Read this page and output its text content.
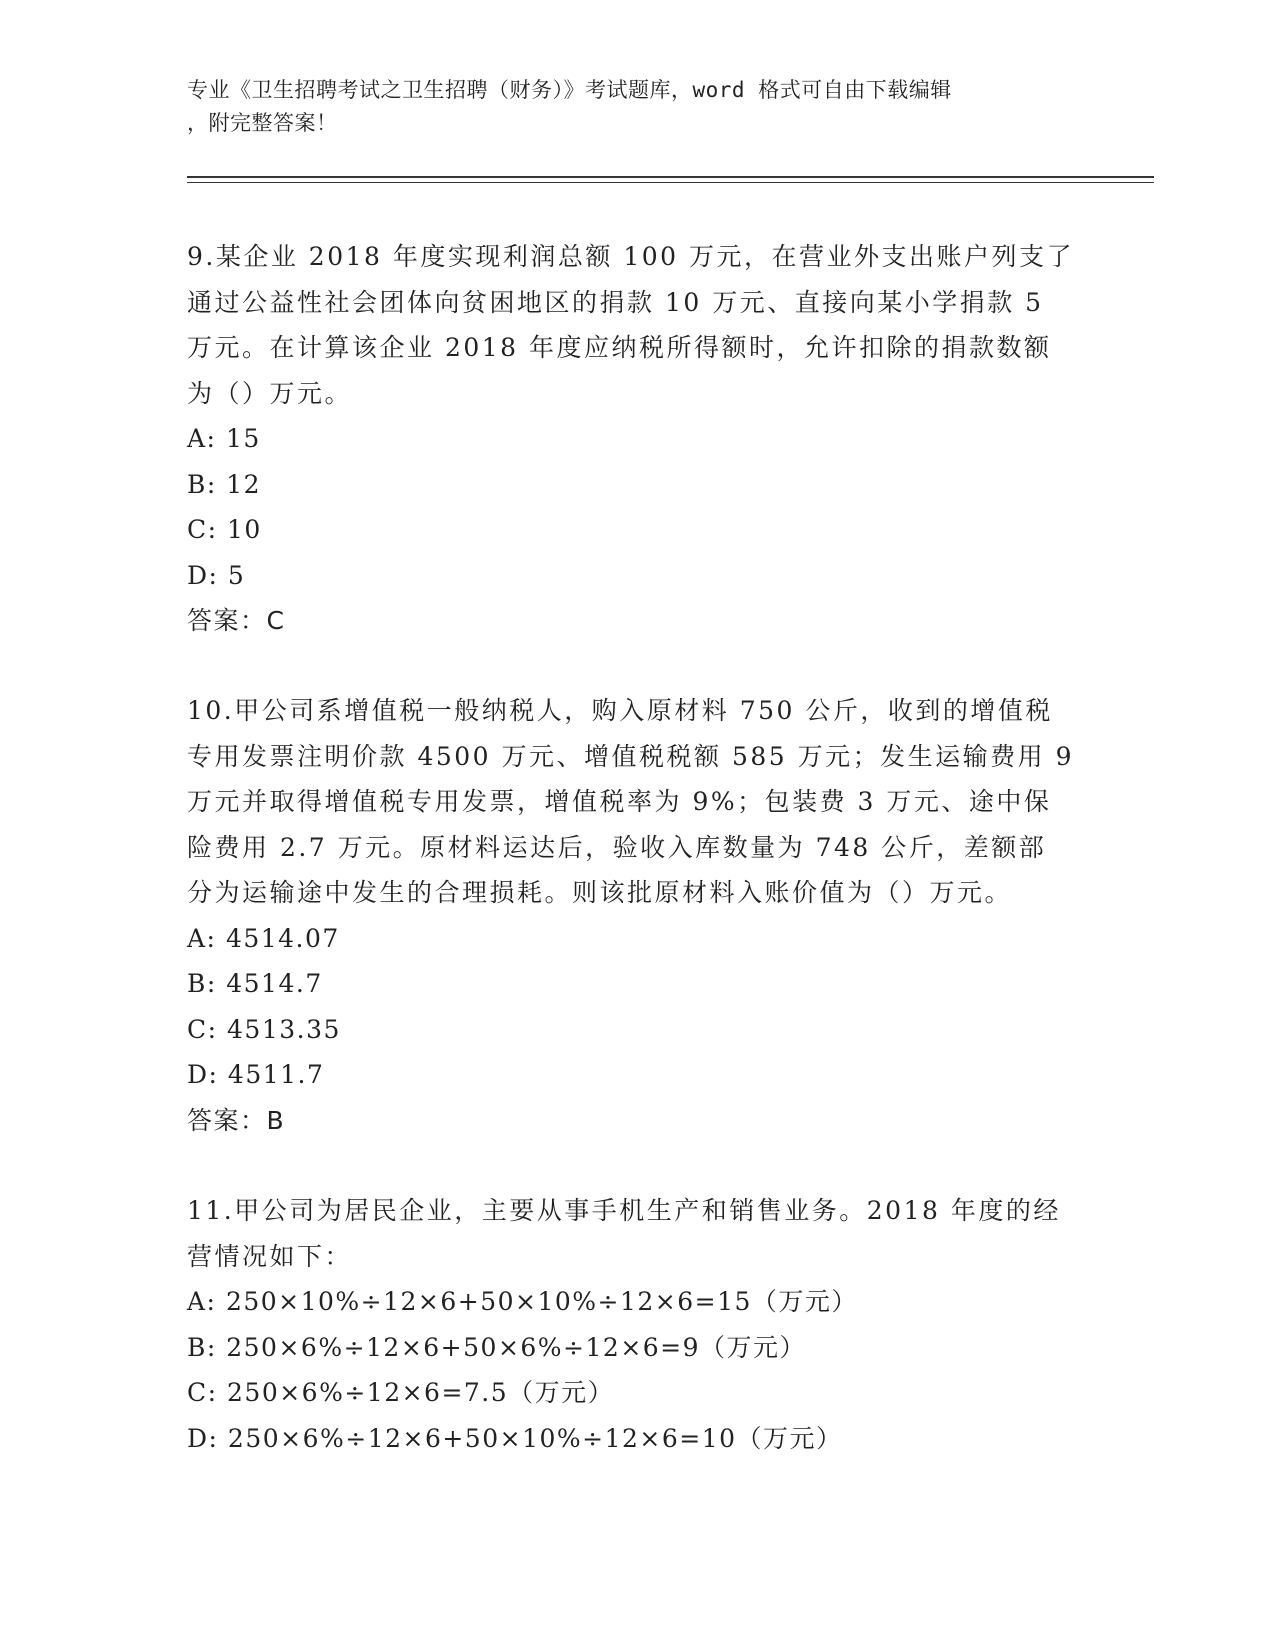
专业《卫生招聘考试之卫生招聘（财务）》考试题库，word 格式可自由下载编辑
，附完整答案！
9.某企业 2018 年度实现利润总额 100 万元，在营业外支出账户列支了
通过公益性社会团体向贫困地区的捐款 10 万元、直接向某小学捐款 5
万元。在计算该企业 2018 年度应纳税所得额时，允许扣除的捐款数额
为（）万元。
A: 15
B: 12
C: 10
D: 5
答案：C
10.甲公司系增值税一般纳税人，购入原材料 750 公斤，收到的增值税
专用发票注明价款 4500 万元、增值税税额 585 万元；发生运输费用 9
万元并取得增值税专用发票，增值税率为 9%；包装费 3 万元、途中保
险费用 2.7 万元。原材料运达后，验收入库数量为 748 公斤，差额部
分为运输途中发生的合理损耗。则该批原材料入账价值为（）万元。
A: 4514.07
B: 4514.7
C: 4513.35
D: 4511.7
答案：B
11.甲公司为居民企业，主要从事手机生产和销售业务。2018 年度的经
营情况如下：
A: 250×10%÷12×6+50×10%÷12×6=15（万元）
B: 250×6%÷12×6+50×6%÷12×6=9（万元）
C: 250×6%÷12×6=7.5（万元）
D: 250×6%÷12×6+50×10%÷12×6=10（万元）
